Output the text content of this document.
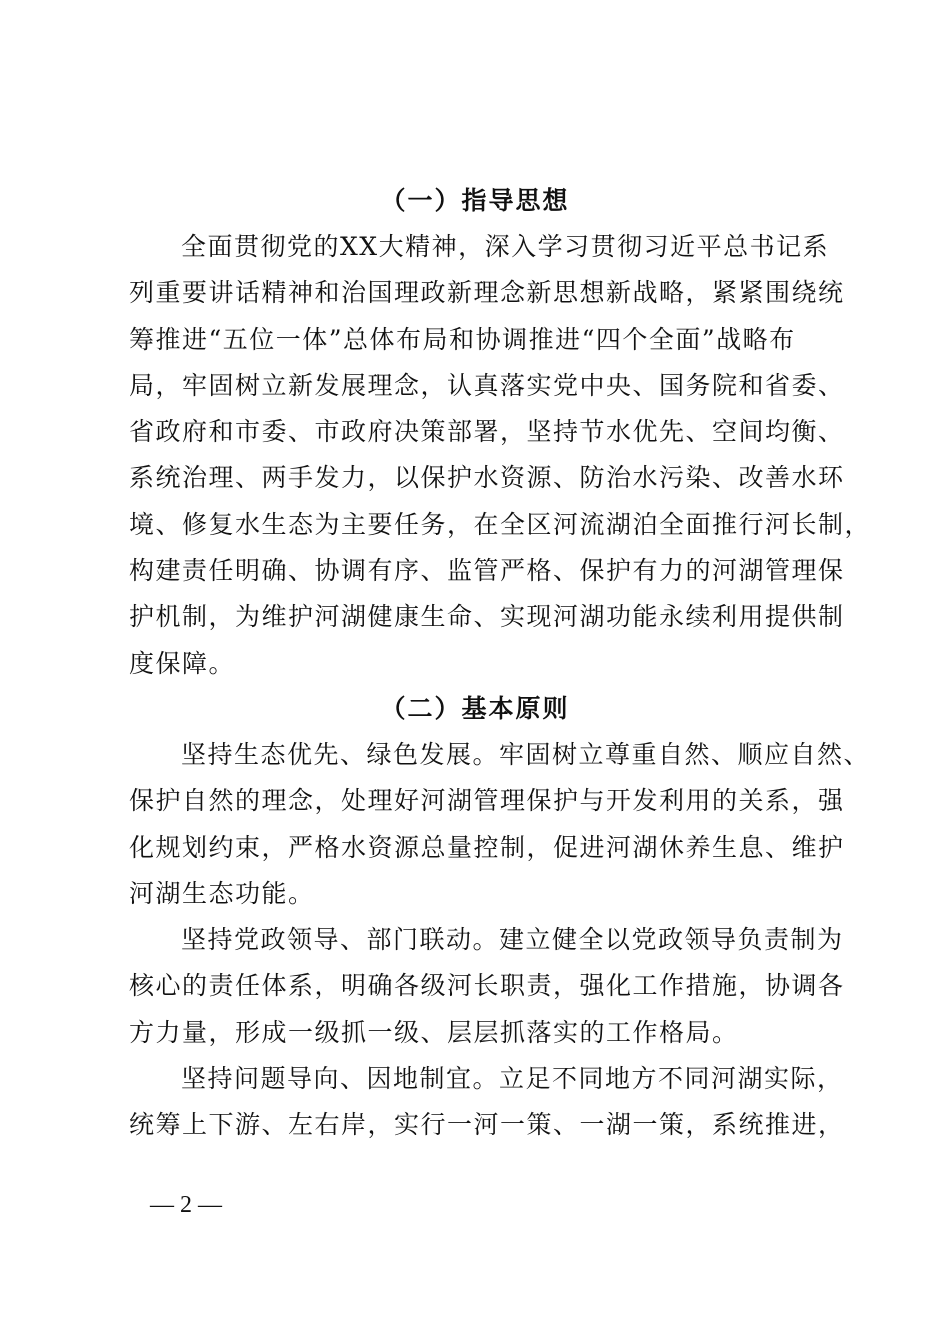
（一）指导思想
全面贯彻党的XX大精神，深入学习贯彻习近平总书记系
列重要讲话精神和治国理政新理念新思想新战略，紧紧围绕统
筹推进“五位一体”总体布局和协调推进“四个全面”战略布
局，牢固树立新发展理念，认真落实党中央、国务院和省委、
省政府和市委、市政府决策部署，坚持节水优先、空间均衡、
系统治理、两手发力，以保护水资源、防治水污染、改善水环
境、修复水生态为主要任务，在全区河流湖泊全面推行河长制，
构建责任明确、协调有序、监管严格、保护有力的河湖管理保
护机制，为维护河湖健康生命、实现河湖功能永续利用提供制
度保障。
（二）基本原则
坚持生态优先、绿色发展。牢固树立尊重自然、顺应自然、
保护自然的理念，处理好河湖管理保护与开发利用的关系，强
化规划约束，严格水资源总量控制，促进河湖休养生息、维护
河湖生态功能。
坚持党政领导、部门联动。建立健全以党政领导负责制为
核心的责任体系，明确各级河长职责，强化工作措施，协调各
方力量，形成一级抓一级、层层抓落实的工作格局。
坚持问题导向、因地制宜。立足不同地方不同河湖实际，
统筹上下游、左右岸，实行一河一策、一湖一策，系统推进，
— 2 —
